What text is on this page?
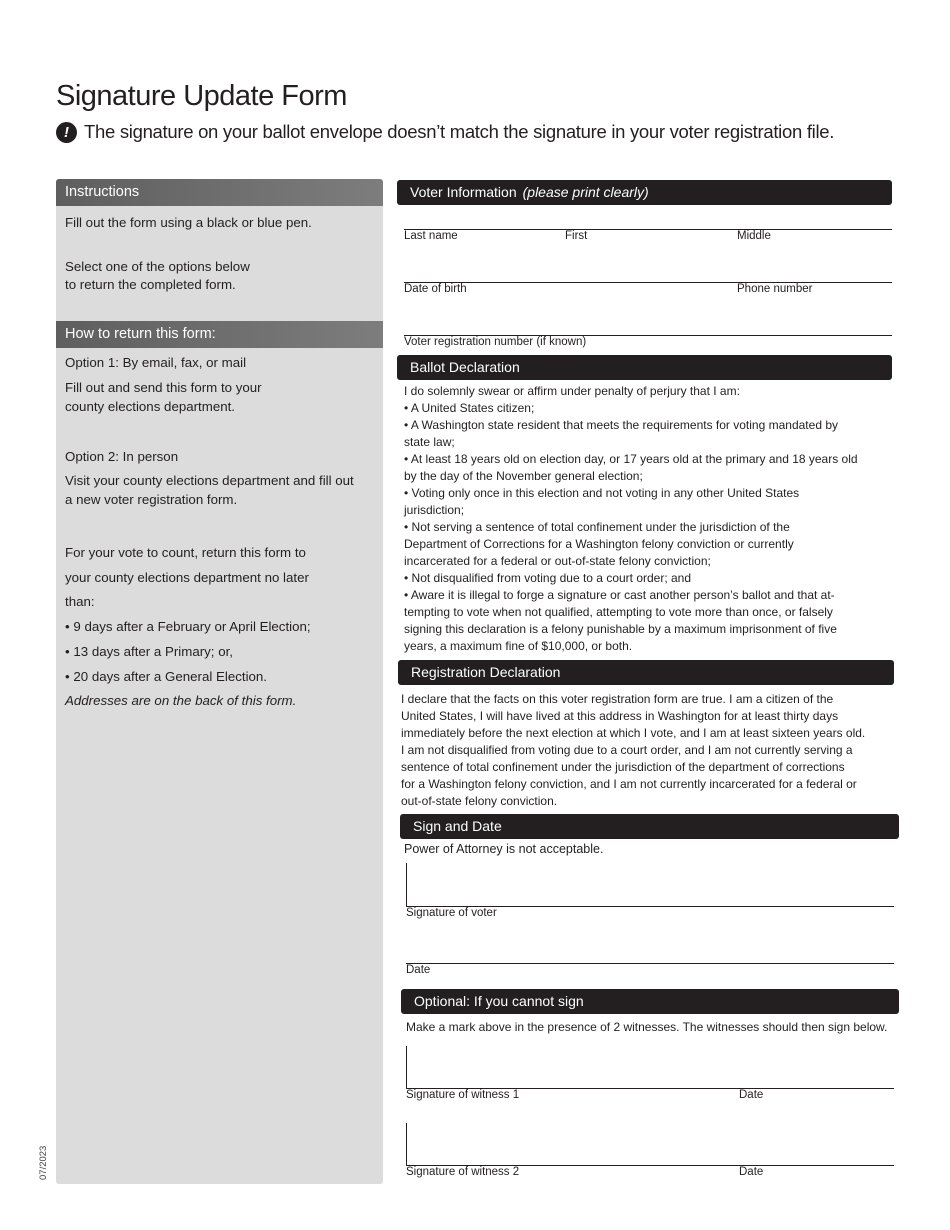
Signature Update Form
! The signature on your ballot envelope doesn’t match the signature in your voter registration file.
Instructions
Fill out the form using a black or blue pen.
Select one of the options below
to return the completed form.
How to return this form:
Option 1: By email, fax, or mail
Fill out and send this form to your
county elections department.
Option 2: In person
Visit your county elections department and fill out
a new voter registration form.
For your vote to count, return this form to
your county elections department no later
than:
• 9 days after a February or April Election;
• 13 days after a Primary; or,
• 20 days after a General Election.
Addresses are on the back of this form.
07/2023
Voter Information (please print clearly)
Last name	First	Middle
Date of birth	Phone number
Voter registration number (if known)
Ballot Declaration
I do solemnly swear or affirm under penalty of perjury that I am:
• A United States citizen;
• A Washington state resident that meets the requirements for voting mandated by
state law;
• At least 18 years old on election day, or 17 years old at the primary and 18 years old
by the day of the November general election;
• Voting only once in this election and not voting in any other United States
jurisdiction;
• Not serving a sentence of total confinement under the jurisdiction of the
Department of Corrections for a Washington felony conviction or currently
incarcerated for a federal or out-of-state felony conviction;
• Not disqualified from voting due to a court order; and
• Aware it is illegal to forge a signature or cast another person’s ballot and that at-
tempting to vote when not qualified, attempting to vote more than once, or falsely
signing this declaration is a felony punishable by a maximum imprisonment of five
years, a maximum fine of $10,000, or both.
Registration Declaration
I declare that the facts on this voter registration form are true. I am a citizen of the
United States, I will have lived at this address in Washington for at least thirty days
immediately before the next election at which I vote, and I am at least sixteen years old.
I am not disqualified from voting due to a court order, and I am not currently serving a
sentence of total confinement under the jurisdiction of the department of corrections
for a Washington felony conviction, and I am not currently incarcerated for a federal or
out-of-state felony conviction.
Sign and Date
Power of Attorney is not acceptable.
Signature of voter
Date
Optional: If you cannot sign
Make a mark above in the presence of 2 witnesses. The witnesses should then sign below.
Signature of witness 1	Date
Signature of witness 2	Date
